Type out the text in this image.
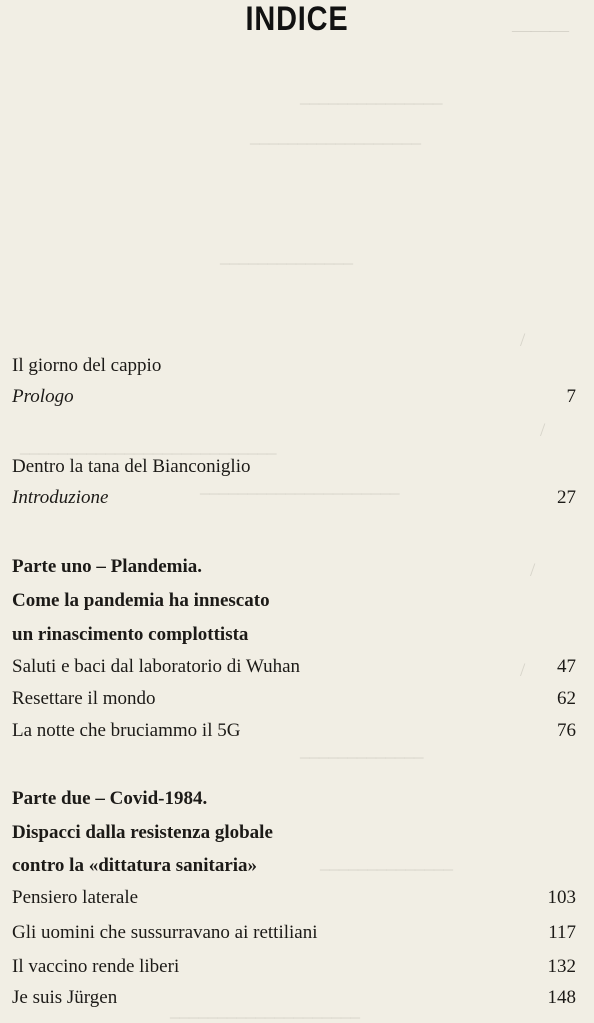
———
_______________
__________________
______________
/
/
___________________________
_____________________
/
/
_____________
______________
____________________
INDICE
Il giorno del cappio
Prologo	7
Dentro la tana del Bianconiglio
Introduzione	27
Parte uno – Plandemia.
Come la pandemia ha innescato
un rinascimento complottista
Saluti e baci dal laboratorio di Wuhan	47
Resettare il mondo	62
La notte che bruciammo il 5G	76
Parte due – Covid-1984.
Dispacci dalla resistenza globale
contro la «dittatura sanitaria»
Pensiero laterale	103
Gli uomini che sussurravano ai rettiliani	117
Il vaccino rende liberi	132
Je suis Jürgen	148
